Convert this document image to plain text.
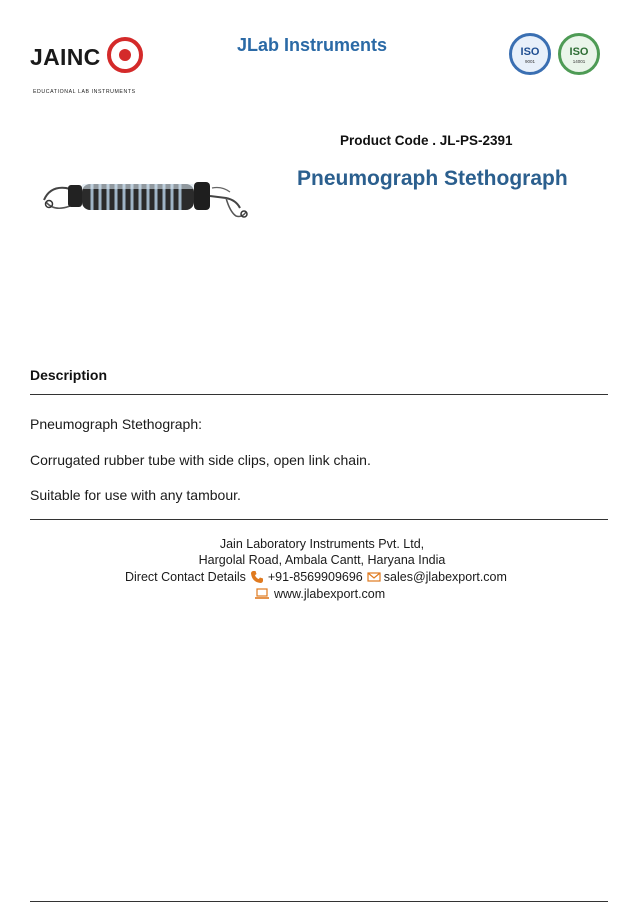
JAINC
EDUCATIONAL LAB INSTRUMENTS
JLab Instruments	ISO
9001
ISO
14001
Product Code . JL-PS-2391
Pneumograph Stethograph
Description
Pneumograph Stethograph:
Corrugated rubber tube with side clips, open link chain.
Suitable for use with any tambour.
Jain Laboratory Instruments Pvt. Ltd,
Hargolal Road, Ambala Cantt, Haryana India
Direct Contact Details +91-8569909696 sales@jlabexport.com
www.jlabexport.com
